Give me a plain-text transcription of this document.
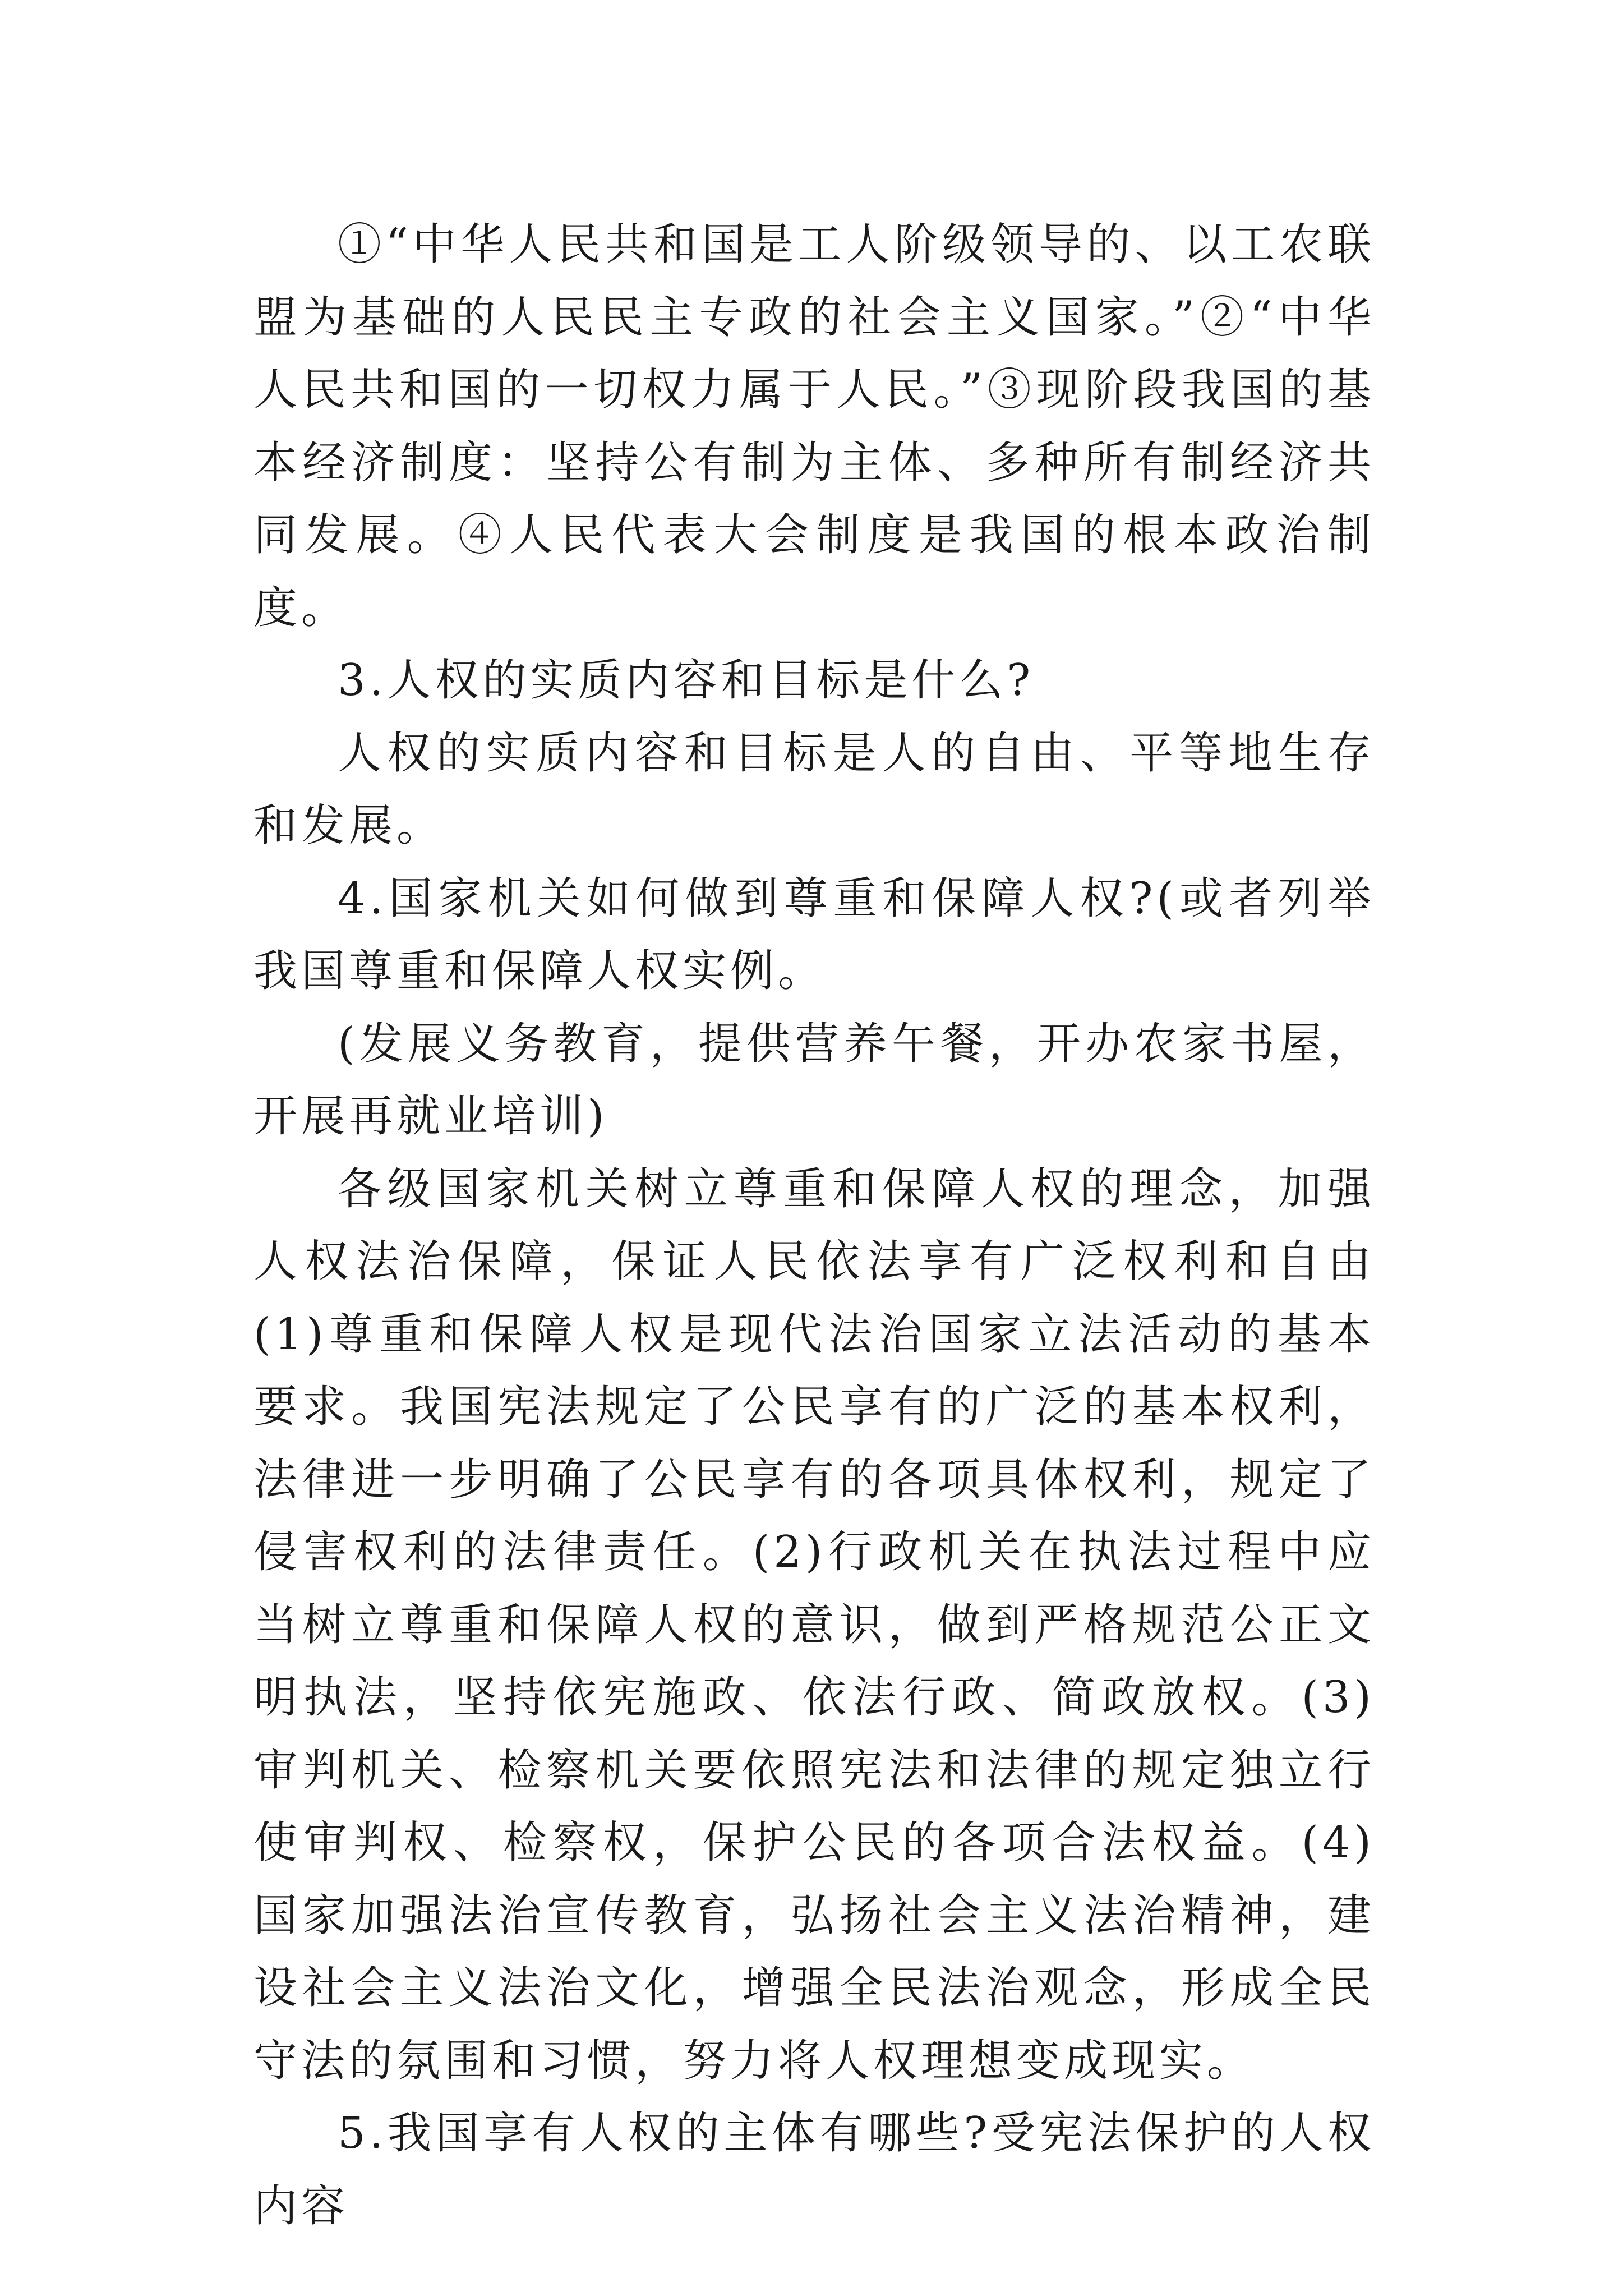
①“中华人民共和国是工人阶级领导的、以工农联盟为基础的人民民主专政的社会主义国家。”②“中华人民共和国的一切权力属于人民。”③现阶段我国的基本经济制度：坚持公有制为主体、多种所有制经济共同发展。④人民代表大会制度是我国的根本政治制度。

3.人权的实质内容和目标是什么?

人权的实质内容和目标是人的自由、平等地生存和发展。

4.国家机关如何做到尊重和保障人权?(或者列举我国尊重和保障人权实例。

(发展义务教育，提供营养午餐，开办农家书屋，开展再就业培训)

各级国家机关树立尊重和保障人权的理念，加强人权法治保障，保证人民依法享有广泛权利和自由(1)尊重和保障人权是现代法治国家立法活动的基本要求。我国宪法规定了公民享有的广泛的基本权利，法律进一步明确了公民享有的各项具体权利，规定了侵害权利的法律责任。(2)行政机关在执法过程中应当树立尊重和保障人权的意识，做到严格规范公正文明执法，坚持依宪施政、依法行政、简政放权。(3)审判机关、检察机关要依照宪法和法律的规定独立行使审判权、检察权，保护公民的各项合法权益。(4)国家加强法治宣传教育，弘扬社会主义法治精神，建设社会主义法治文化，增强全民法治观念，形成全民守法的氛围和习惯，努力将人权理想变成现实。

5.我国享有人权的主体有哪些?受宪法保护的人权内容
